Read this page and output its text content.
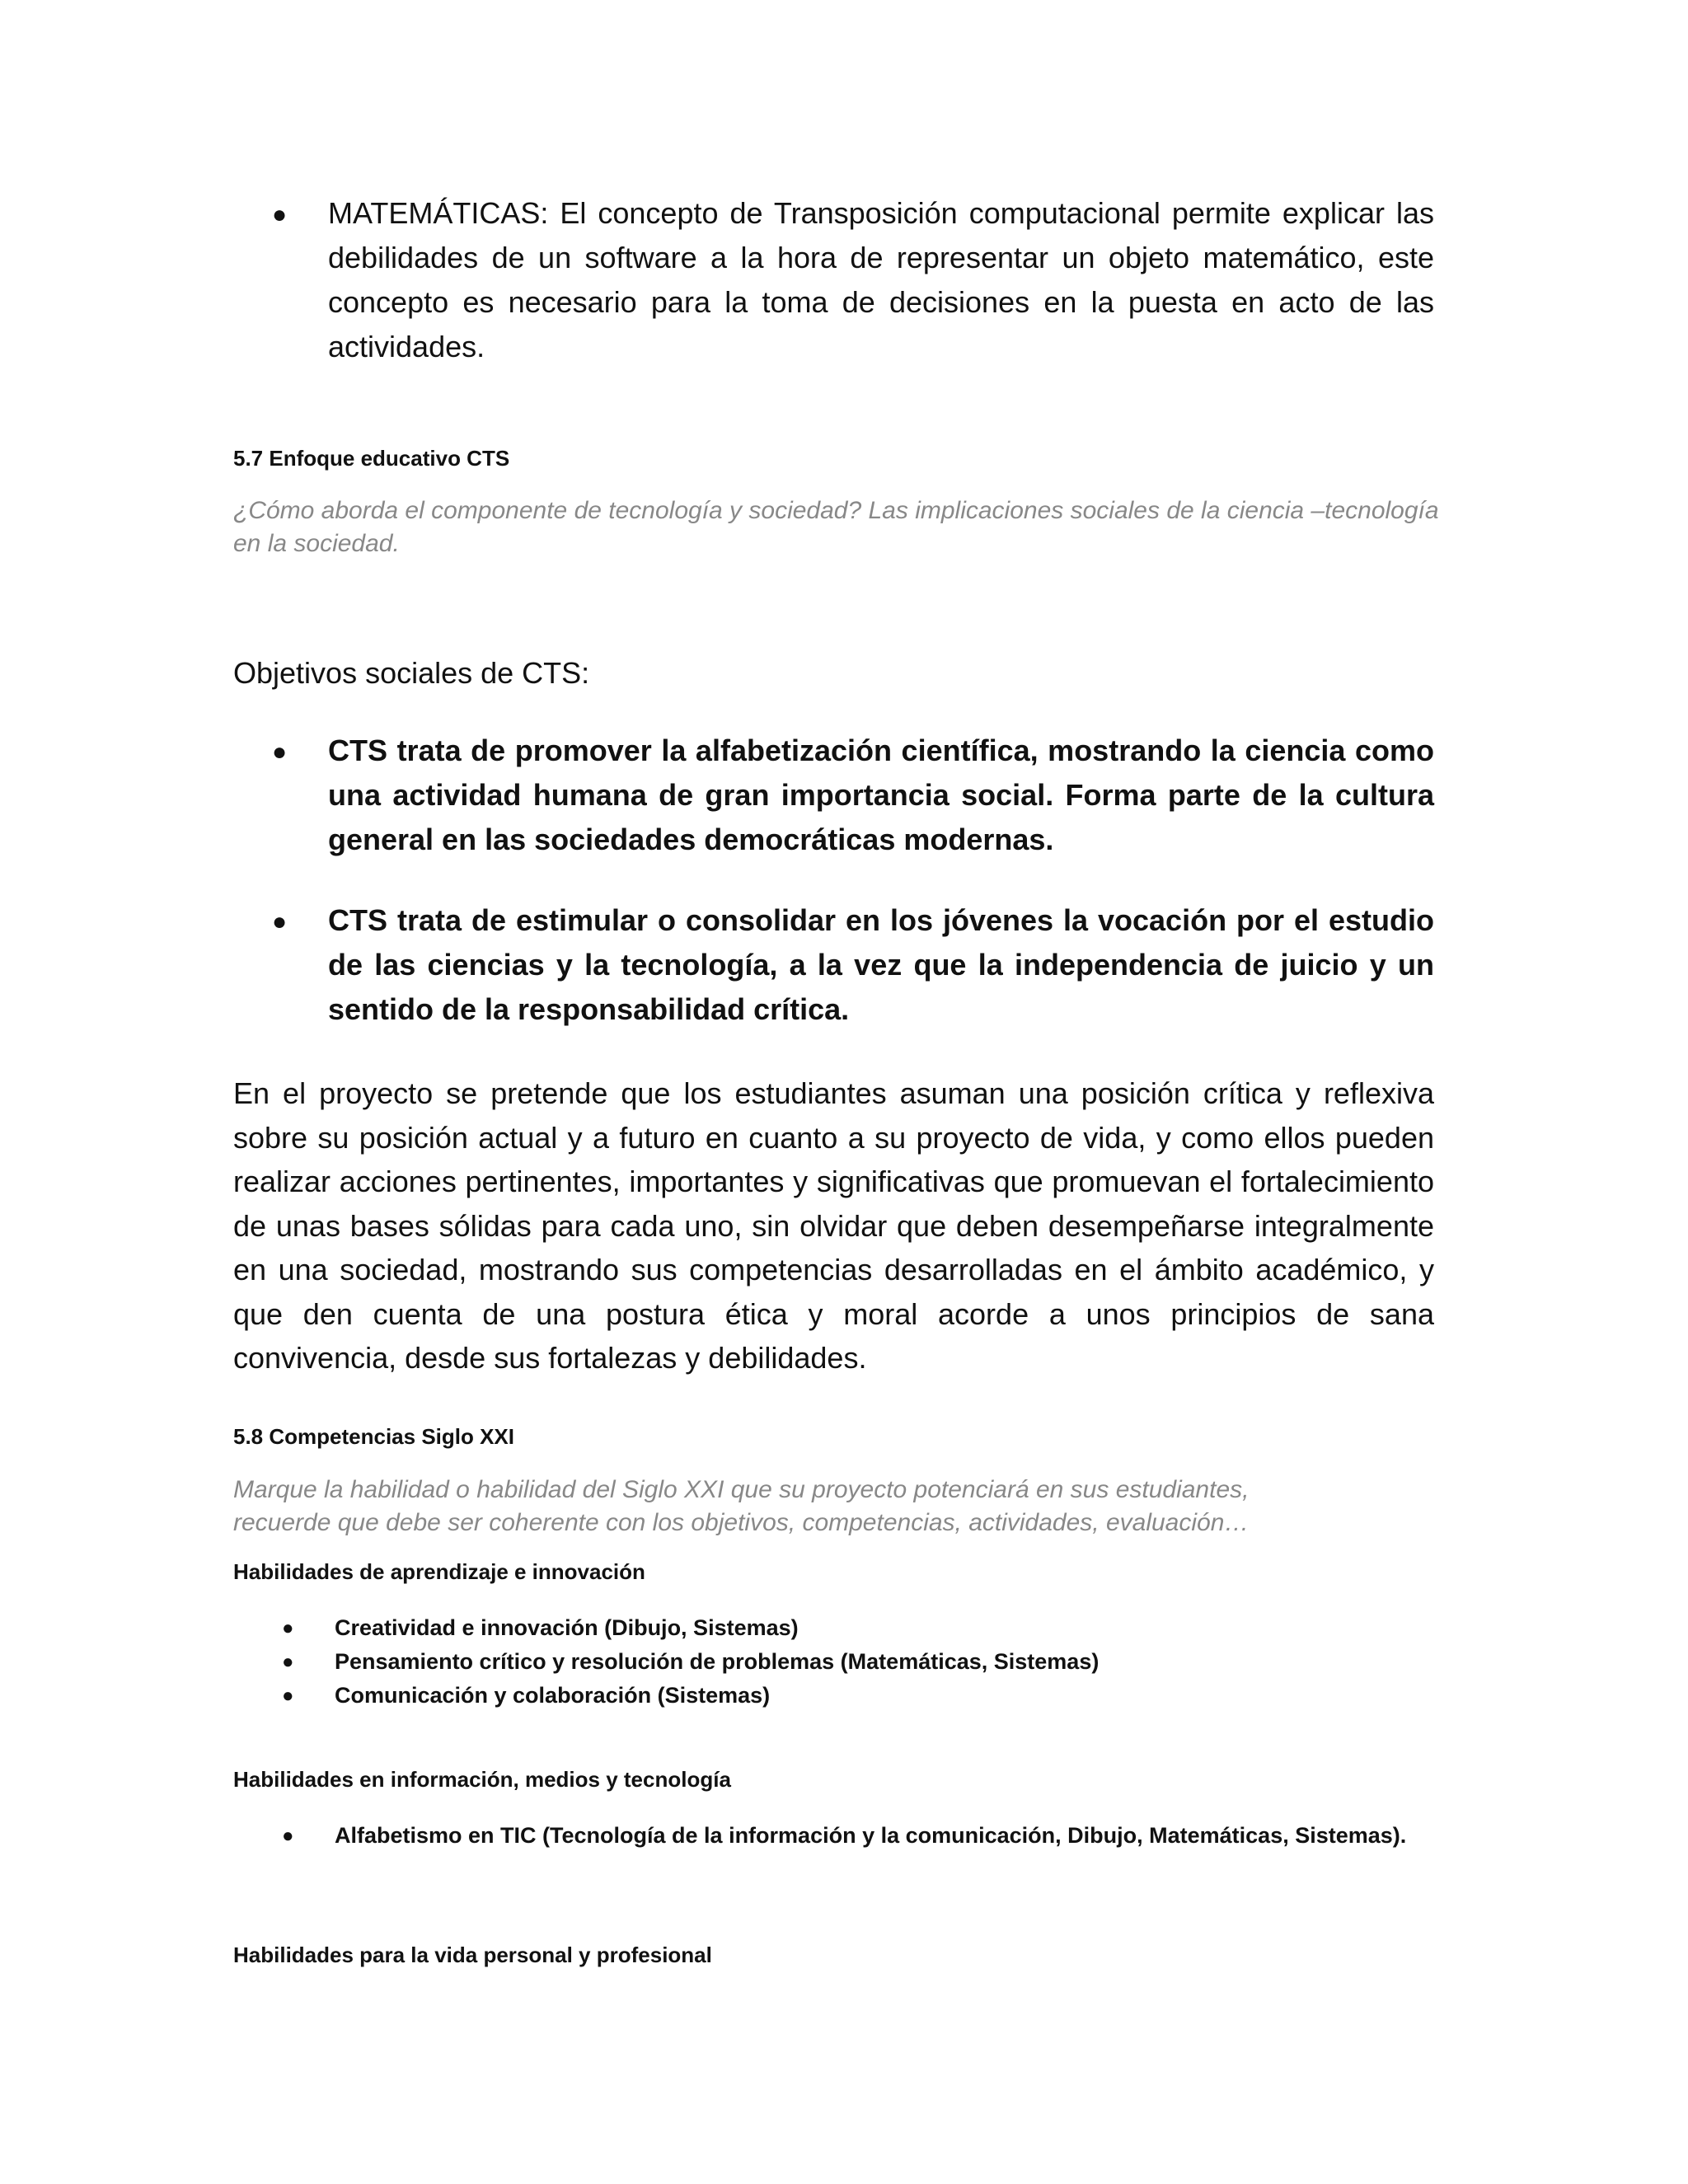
● MATEMÁTICAS: El concepto de Transposición computacional permite explicar las debilidades de un software a la hora de representar un objeto matemático, este concepto es necesario para la toma de decisiones en la puesta en acto de las actividades.
5.7 Enfoque educativo CTS
¿Cómo aborda el componente de tecnología y sociedad? Las implicaciones sociales de la ciencia –tecnología en la sociedad.
Objetivos sociales de CTS:
● CTS trata de promover la alfabetización científica, mostrando la ciencia como una actividad humana de gran importancia social. Forma parte de la cultura general en las sociedades democráticas modernas.
● CTS trata de estimular o consolidar en los jóvenes la vocación por el estudio de las ciencias y la tecnología, a la vez que la independencia de juicio y un sentido de la responsabilidad crítica.
En el proyecto se pretende que los estudiantes asuman una posición crítica y reflexiva sobre su posición actual y a futuro en cuanto a su proyecto de vida, y como ellos pueden realizar acciones pertinentes, importantes y significativas que promuevan el fortalecimiento de unas bases sólidas para cada uno, sin olvidar que deben desempeñarse integralmente en una sociedad, mostrando sus competencias desarrolladas en el ámbito académico, y que den cuenta de una postura ética y moral acorde a unos principios de sana convivencia, desde sus fortalezas y debilidades.
5.8 Competencias Siglo XXI
Marque la habilidad o habilidad del Siglo XXI que su proyecto potenciará en sus estudiantes,
recuerde que debe ser coherente con los objetivos, competencias, actividades, evaluación…
Habilidades de aprendizaje e innovación
● Creatividad e innovación (Dibujo, Sistemas)
● Pensamiento crítico y resolución de problemas (Matemáticas, Sistemas)
● Comunicación y colaboración (Sistemas)
Habilidades en información, medios y tecnología
● Alfabetismo en TIC (Tecnología de la información y la comunicación, Dibujo, Matemáticas, Sistemas).
Habilidades para la vida personal y profesional
